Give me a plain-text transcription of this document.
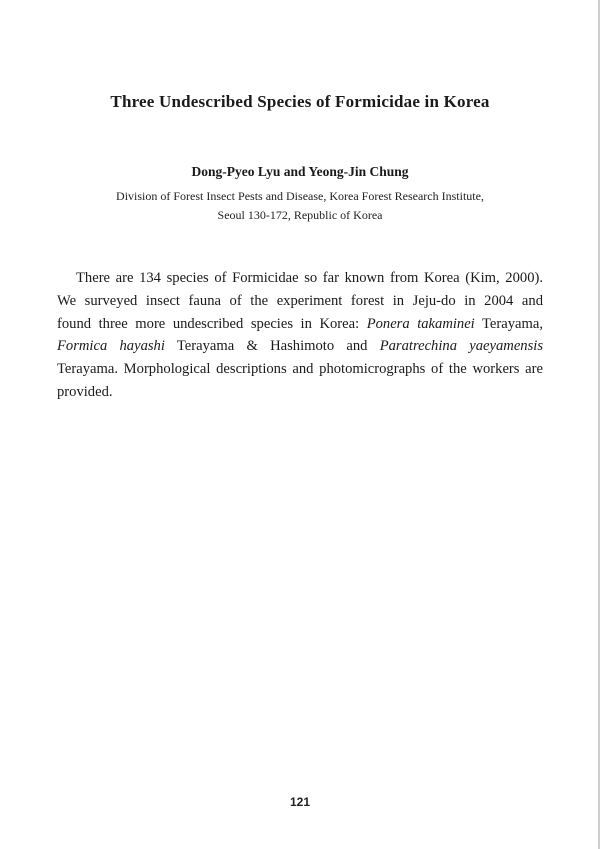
Three Undescribed Species of Formicidae in Korea
Dong-Pyeo Lyu and Yeong-Jin Chung
Division of Forest Insect Pests and Disease, Korea Forest Research Institute,
Seoul 130-172, Republic of Korea
There are 134 species of Formicidae so far known from Korea (Kim, 2000).
We surveyed insect fauna of the experiment forest in Jeju-do in 2004 and
found three more undescribed species in Korea: Ponera takaminei Terayama,
Formica hayashi Terayama & Hashimoto and Paratrechina yaeyamensis
Terayama. Morphological descriptions and photomicrographs of the workers are
provided.
121
